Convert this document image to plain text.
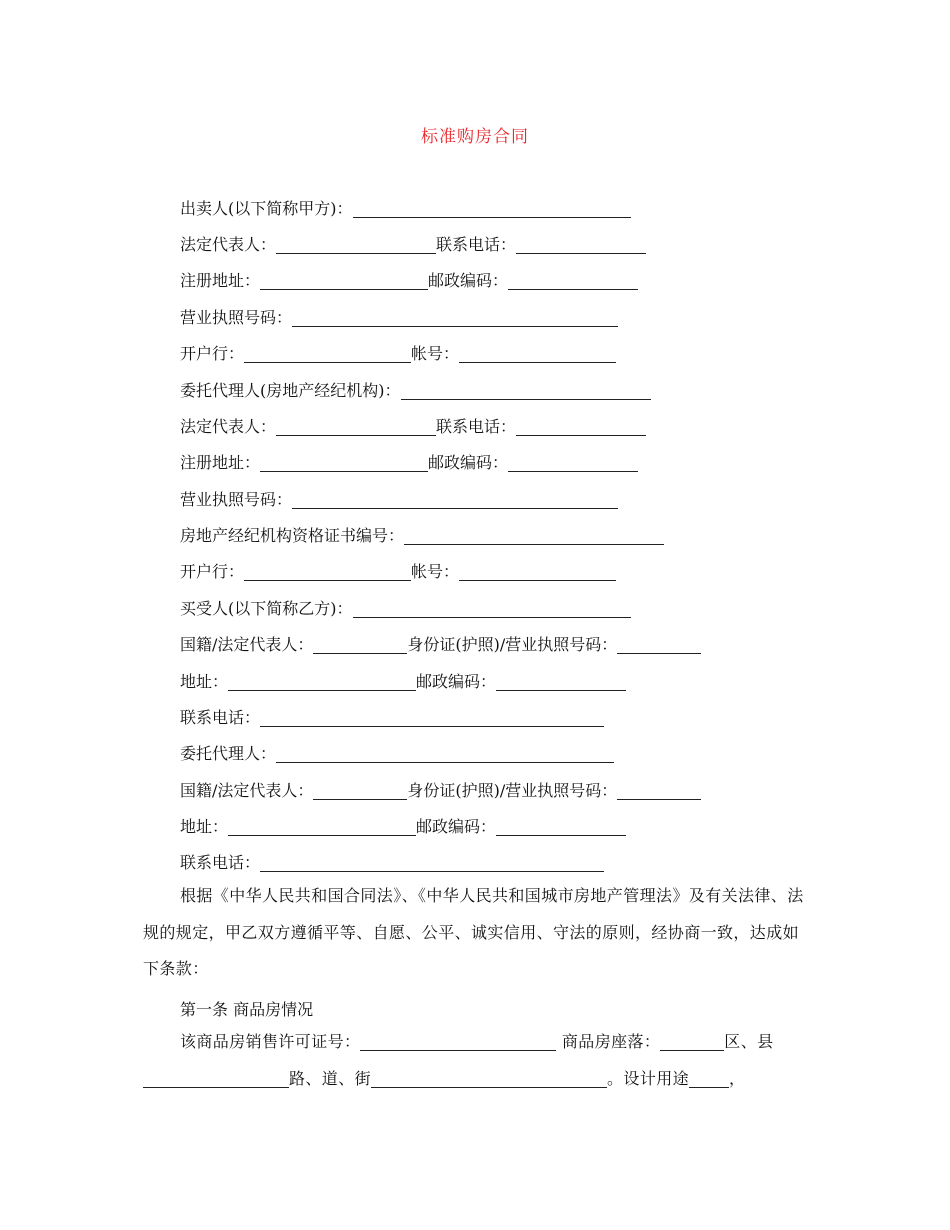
标准购房合同
出卖人(以下简称甲方)：
法定代表人：	联系电话：
注册地址：	邮政编码：
营业执照号码：
开户行：	帐号：
委托代理人(房地产经纪机构)：
法定代表人：	联系电话：
注册地址：	邮政编码：
营业执照号码：
房地产经纪机构资格证书编号：
开户行：	帐号：
买受人(以下简称乙方)：
国籍/法定代表人：	身份证(护照)/营业执照号码：
地址：	邮政编码：
联系电话：
委托代理人：
国籍/法定代表人：	身份证(护照)/营业执照号码：
地址：	邮政编码：
联系电话：
根据《中华人民共和国合同法》、《中华人民共和国城市房地产管理法》及有关法律、法规的规定，甲乙双方遵循平等、自愿、公平、诚实信用、守法的原则，经协商一致，达成如下条款：
第一条 商品房情况
该商品房销售许可证号：	商品房座落：	区、县路、道、街	。设计用途	，
